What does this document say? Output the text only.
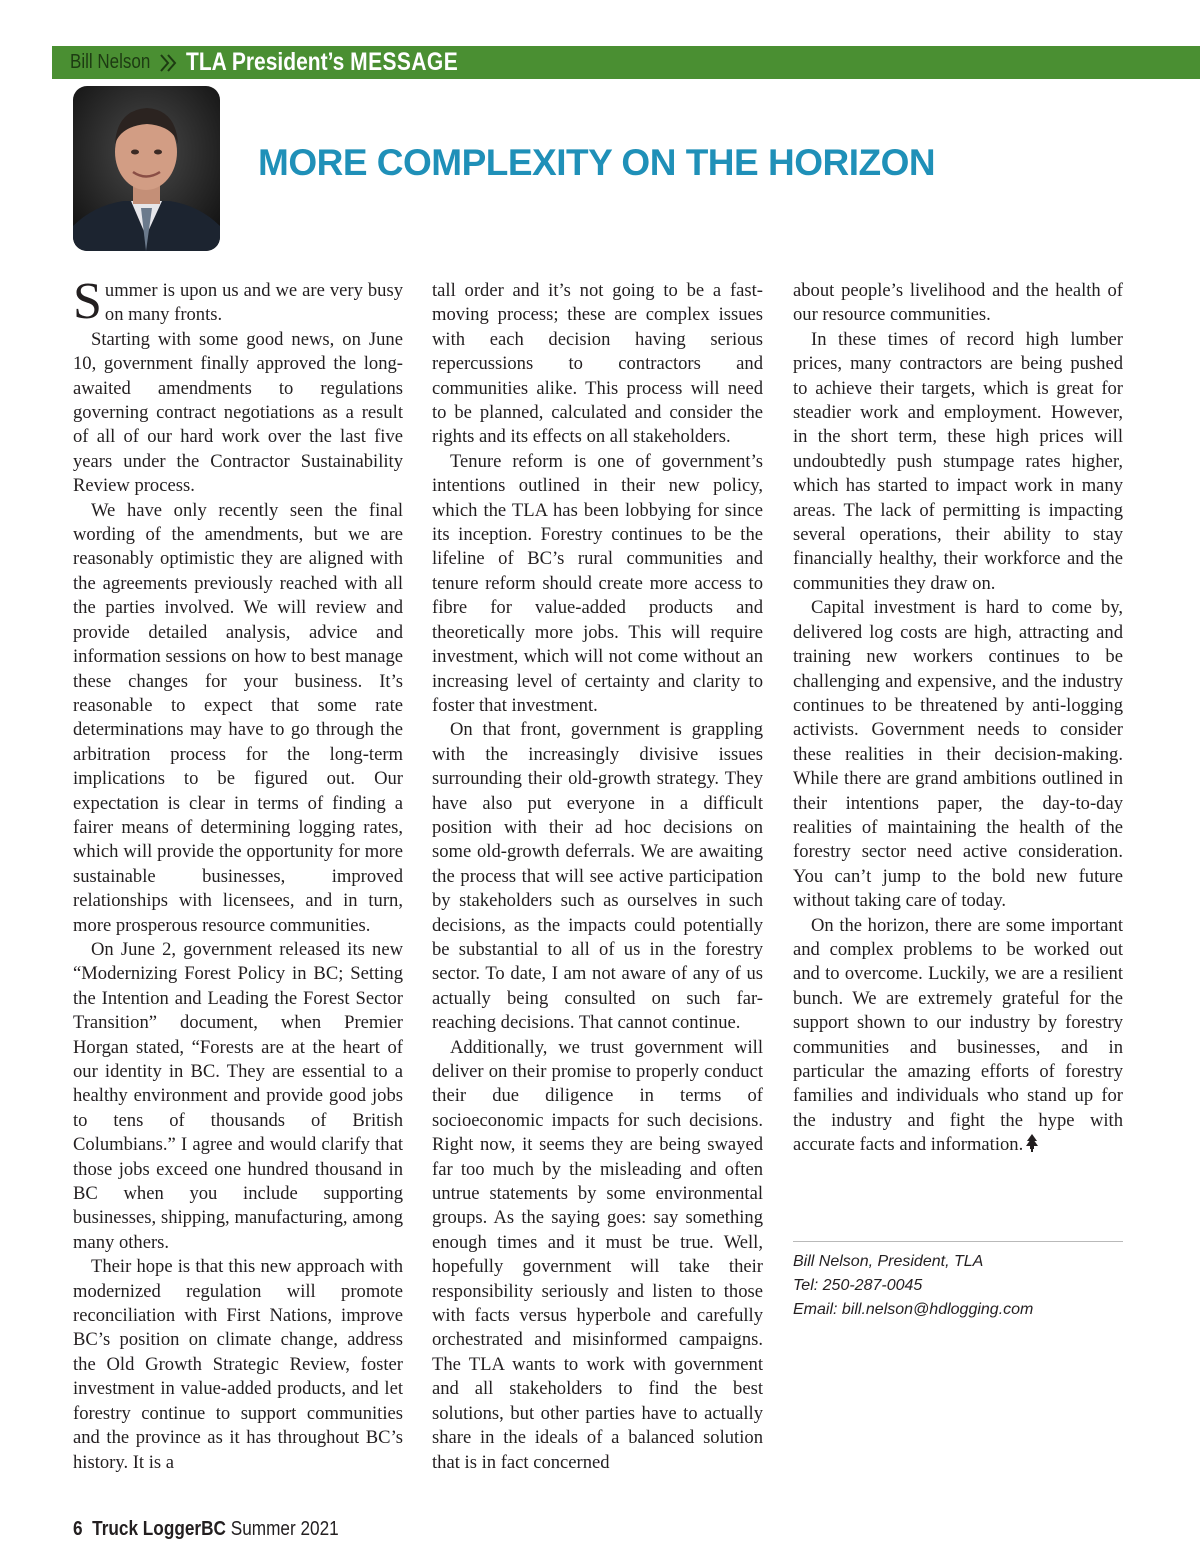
Bill Nelson TLA President’s MESSAGE
MORE COMPLEXITY ON THE HORIZON

Summer is upon us and we are very busy on many fronts.

Starting with some good news, on June 10, government finally approved the long-awaited amendments to regulations governing contract negotiations as a result of all of our hard work over the last five years under the Contractor Sustainability Review process.

We have only recently seen the final wording of the amendments, but we are reasonably optimistic they are aligned with the agreements previously reached with all the parties involved. We will review and provide detailed analysis, advice and information sessions on how to best manage these changes for your business. It’s reasonable to expect that some rate determinations may have to go through the arbitration process for the long-term implications to be figured out. Our expectation is clear in terms of finding a fairer means of determining logging rates, which will provide the opportunity for more sustainable businesses, improved relationships with licensees, and in turn, more prosperous resource communities.

On June 2, government released its new “Modernizing Forest Policy in BC; Setting the Intention and Leading the Forest Sector Transition” document, when Premier Horgan stated, “Forests are at the heart of our identity in BC. They are essential to a healthy environment and provide good jobs to tens of thousands of British Columbians.” I agree and would clarify that those jobs exceed one hundred thousand in BC when you include supporting businesses, shipping, manufacturing, among many others.

Their hope is that this new approach with modernized regulation will promote reconciliation with First Nations, improve BC’s position on climate change, address the Old Growth Strategic Review, foster investment in value-added products, and let forestry continue to support communities and the province as it has throughout BC’s history. It is a

tall order and it’s not going to be a fast-moving process; these are complex issues with each decision having serious repercussions to contractors and communities alike. This process will need to be planned, calculated and consider the rights and its effects on all stakeholders.

Tenure reform is one of government’s intentions outlined in their new policy, which the TLA has been lobbying for since its inception. Forestry continues to be the lifeline of BC’s rural communities and tenure reform should create more access to fibre for value-added products and theoretically more jobs. This will require investment, which will not come without an increasing level of certainty and clarity to foster that investment.

On that front, government is grappling with the increasingly divisive issues surrounding their old-growth strategy. They have also put everyone in a difficult position with their ad hoc decisions on some old-growth deferrals. We are awaiting the process that will see active participation by stakeholders such as ourselves in such decisions, as the impacts could potentially be substantial to all of us in the forestry sector. To date, I am not aware of any of us actually being consulted on such far-reaching decisions. That cannot continue.

Additionally, we trust government will deliver on their promise to properly conduct their due diligence in terms of socioeconomic impacts for such decisions. Right now, it seems they are being swayed far too much by the misleading and often untrue statements by some environmental groups. As the saying goes: say something enough times and it must be true. Well, hopefully government will take their responsibility seriously and listen to those with facts versus hyperbole and carefully orchestrated and misinformed campaigns. The TLA wants to work with government and all stakeholders to find the best solutions, but other parties have to actually share in the ideals of a balanced solution that is in fact concerned

about people’s livelihood and the health of our resource communities.

In these times of record high lumber prices, many contractors are being pushed to achieve their targets, which is great for steadier work and employment. However, in the short term, these high prices will undoubtedly push stumpage rates higher, which has started to impact work in many areas. The lack of permitting is impacting several operations, their ability to stay financially healthy, their workforce and the communities they draw on.

Capital investment is hard to come by, delivered log costs are high, attracting and training new workers continues to be challenging and expensive, and the industry continues to be threatened by anti-logging activists. Government needs to consider these realities in their decision-making. While there are grand ambitions outlined in their intentions paper, the day-to-day realities of maintaining the health of the forestry sector need active consideration. You can’t jump to the bold new future without taking care of today.

On the horizon, there are some important and complex problems to be worked out and to overcome. Luckily, we are a resilient bunch. We are extremely grateful for the support shown to our industry by forestry communities and businesses, and in particular the amazing efforts of forestry families and individuals who stand up for the industry and fight the hype with accurate facts and information.

Bill Nelson, President, TLA
Tel: 250-287-0045
Email: bill.nelson@hdlogging.com
6 Truck LoggerBC Summer 2021
